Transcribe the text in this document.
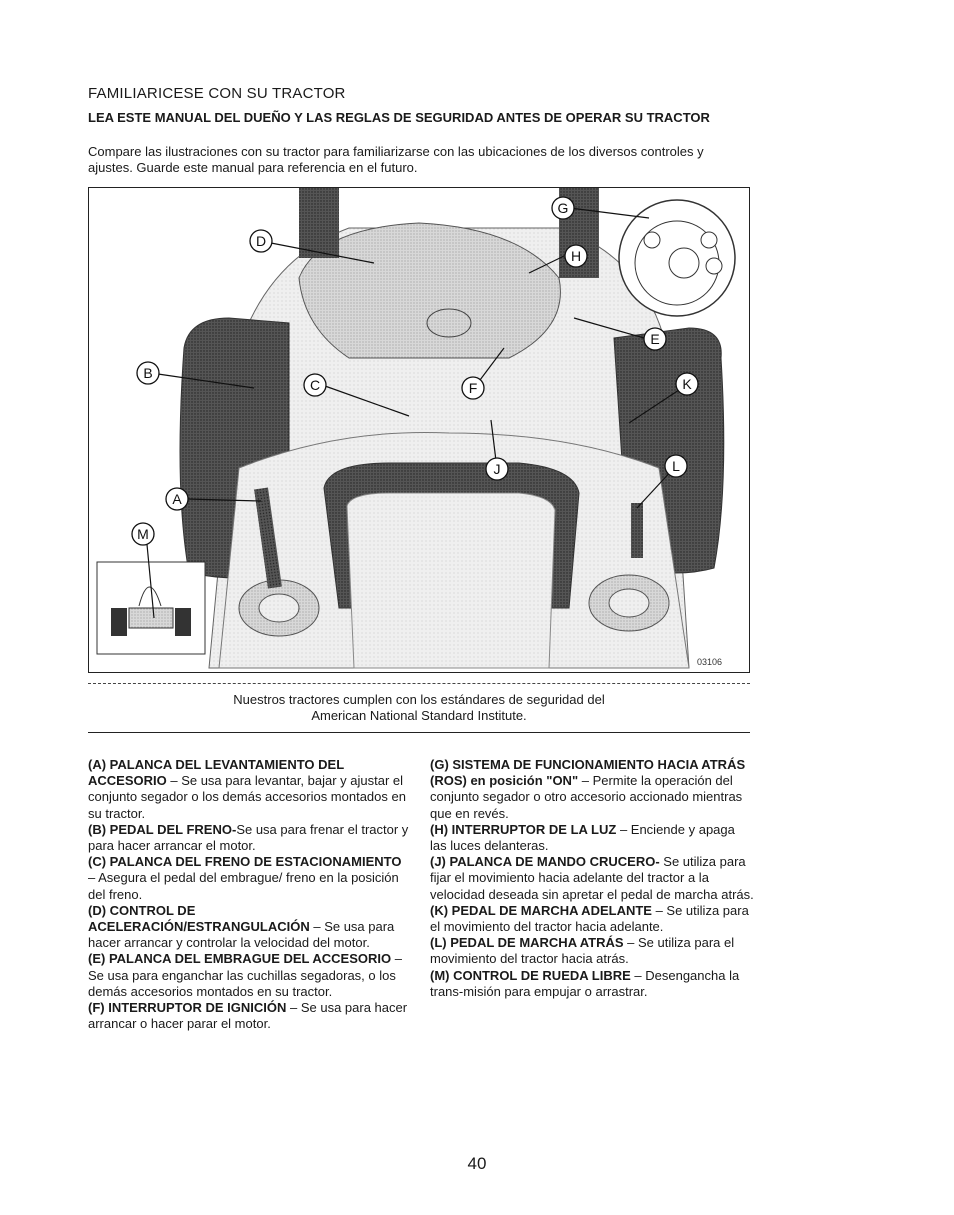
FAMILIARICESE CON SU TRACTOR
LEA ESTE MANUAL DEL DUEÑO Y LAS REGLAS DE SEGURIDAD ANTES DE OPERAR SU TRACTOR
Compare las ilustraciones con su tractor para familiarizarse con las ubicaciones de los diversos controles y ajustes. Guarde este manual para referencia en el futuro.
B
C
D
A
M
G
H
E
F
J
K
L
03106
Nuestros tractores cumplen con los estándares de seguridad del
American National Standard Institute.

(A) PALANCA DEL LEVANTAMIENTO DEL ACCESORIO – Se usa para levantar, bajar y ajustar el conjunto segador o los demás accesorios montados en su tractor.

(B) PEDAL DEL FRENO-Se usa para frenar el tractor y para hacer arrancar el motor.

(C) PALANCA DEL FRENO DE ESTACIONAMIENTO – Asegura el pedal del embrague/ freno en la posición del freno.

(D) CONTROL DE ACELERACIÓN/ESTRANGULACIÓN – Se usa para hacer arrancar y controlar la velocidad del motor.

(E) PALANCA DEL EMBRAGUE DEL ACCESORIO – Se usa para enganchar las cuchillas segadoras, o los demás accesorios montados en su tractor.

(F) INTERRUPTOR DE IGNICIÓN – Se usa para hacer arrancar o hacer parar el motor.

(G) SISTEMA DE FUNCIONAMIENTO HACIA ATRÁS (ROS) en posición "ON" – Permite la operación del conjunto segador o otro accesorio accionado mientras que en revés.

(H) INTERRUPTOR DE LA LUZ – Enciende y apaga las luces delanteras.

(J) PALANCA DE MANDO CRUCERO- Se utiliza para fijar el movimiento hacia adelante del tractor a la velocidad deseada sin apretar el pedal de marcha atrás.

(K) PEDAL DE MARCHA ADELANTE – Se utiliza para el movimiento del tractor hacia adelante.

(L) PEDAL DE MARCHA ATRÁS – Se utiliza para el movimiento del tractor hacia atrás.

(M) CONTROL DE RUEDA LIBRE – Desengancha la trans-misión para empujar o arrastrar.

40
